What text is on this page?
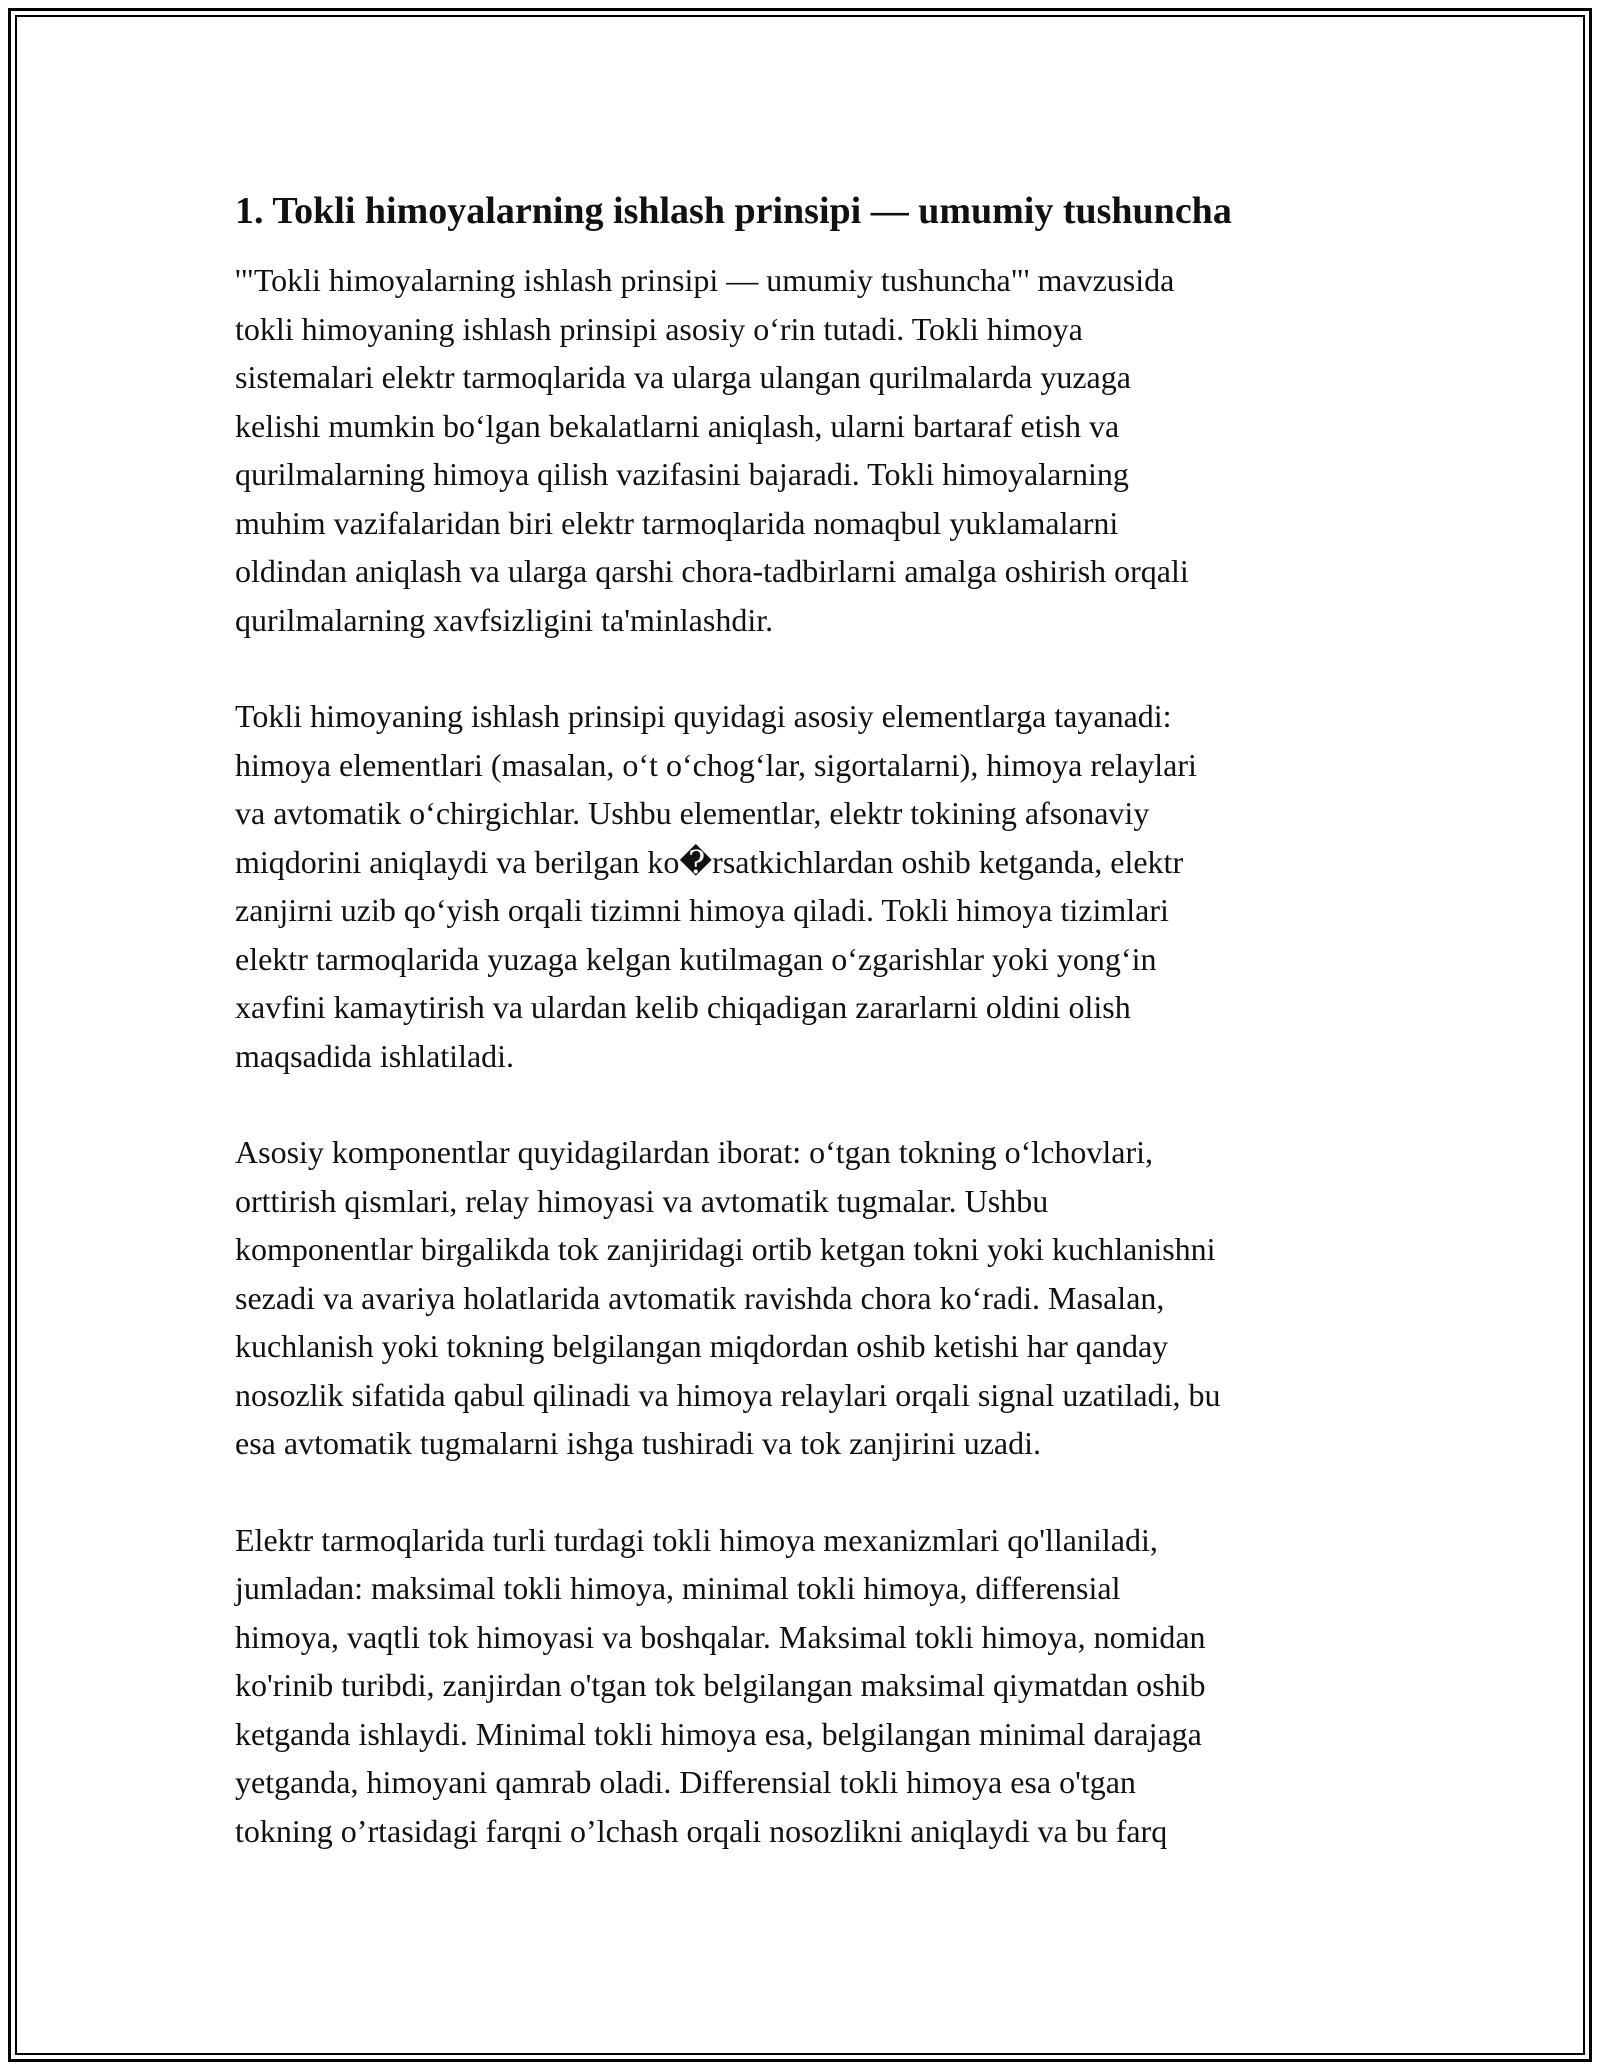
1. Tokli himoyalarning ishlash prinsipi — umumiy tushuncha
'"Tokli himoyalarning ishlash prinsipi — umumiy tushuncha"' mavzusida
tokli himoyaning ishlash prinsipi asosiy o‘rin tutadi. Tokli himoya
sistemalari elektr tarmoqlarida va ularga ulangan qurilmalarda yuzaga
kelishi mumkin bo‘lgan bekalatlarni aniqlash, ularni bartaraf etish va
qurilmalarning himoya qilish vazifasini bajaradi. Tokli himoyalarning
muhim vazifalaridan biri elektr tarmoqlarida nomaqbul yuklamalarni
oldindan aniqlash va ularga qarshi chora-tadbirlarni amalga oshirish orqali
qurilmalarning xavfsizligini ta'minlashdir.
Tokli himoyaning ishlash prinsipi quyidagi asosiy elementlarga tayanadi:
himoya elementlari (masalan, o‘t o‘chog‘lar, sigortalarni), himoya relaylari
va avtomatik o‘chirgichlar. Ushbu elementlar, elektr tokining afsonaviy
miqdorini aniqlaydi va berilgan ko�rsatkichlardan oshib ketganda, elektr
zanjirni uzib qo‘yish orqali tizimni himoya qiladi. Tokli himoya tizimlari
elektr tarmoqlarida yuzaga kelgan kutilmagan o‘zgarishlar yoki yong‘in
xavfini kamaytirish va ulardan kelib chiqadigan zararlarni oldini olish
maqsadida ishlatiladi.
Asosiy komponentlar quyidagilardan iborat: o‘tgan tokning o‘lchovlari,
orttirish qismlari, relay himoyasi va avtomatik tugmalar. Ushbu
komponentlar birgalikda tok zanjiridagi ortib ketgan tokni yoki kuchlanishni
sezadi va avariya holatlarida avtomatik ravishda chora ko‘radi. Masalan,
kuchlanish yoki tokning belgilangan miqdordan oshib ketishi har qanday
nosozlik sifatida qabul qilinadi va himoya relaylari orqali signal uzatiladi, bu
esa avtomatik tugmalarni ishga tushiradi va tok zanjirini uzadi.
Elektr tarmoqlarida turli turdagi tokli himoya mexanizmlari qo'llaniladi,
jumladan: maksimal tokli himoya, minimal tokli himoya, differensial
himoya, vaqtli tok himoyasi va boshqalar. Maksimal tokli himoya, nomidan
ko'rinib turibdi, zanjirdan o'tgan tok belgilangan maksimal qiymatdan oshib
ketganda ishlaydi. Minimal tokli himoya esa, belgilangan minimal darajaga
yetganda, himoyani qamrab oladi. Differensial tokli himoya esa o'tgan
tokning o’rtasidagi farqni o’lchash orqali nosozlikni aniqlaydi va bu farq
